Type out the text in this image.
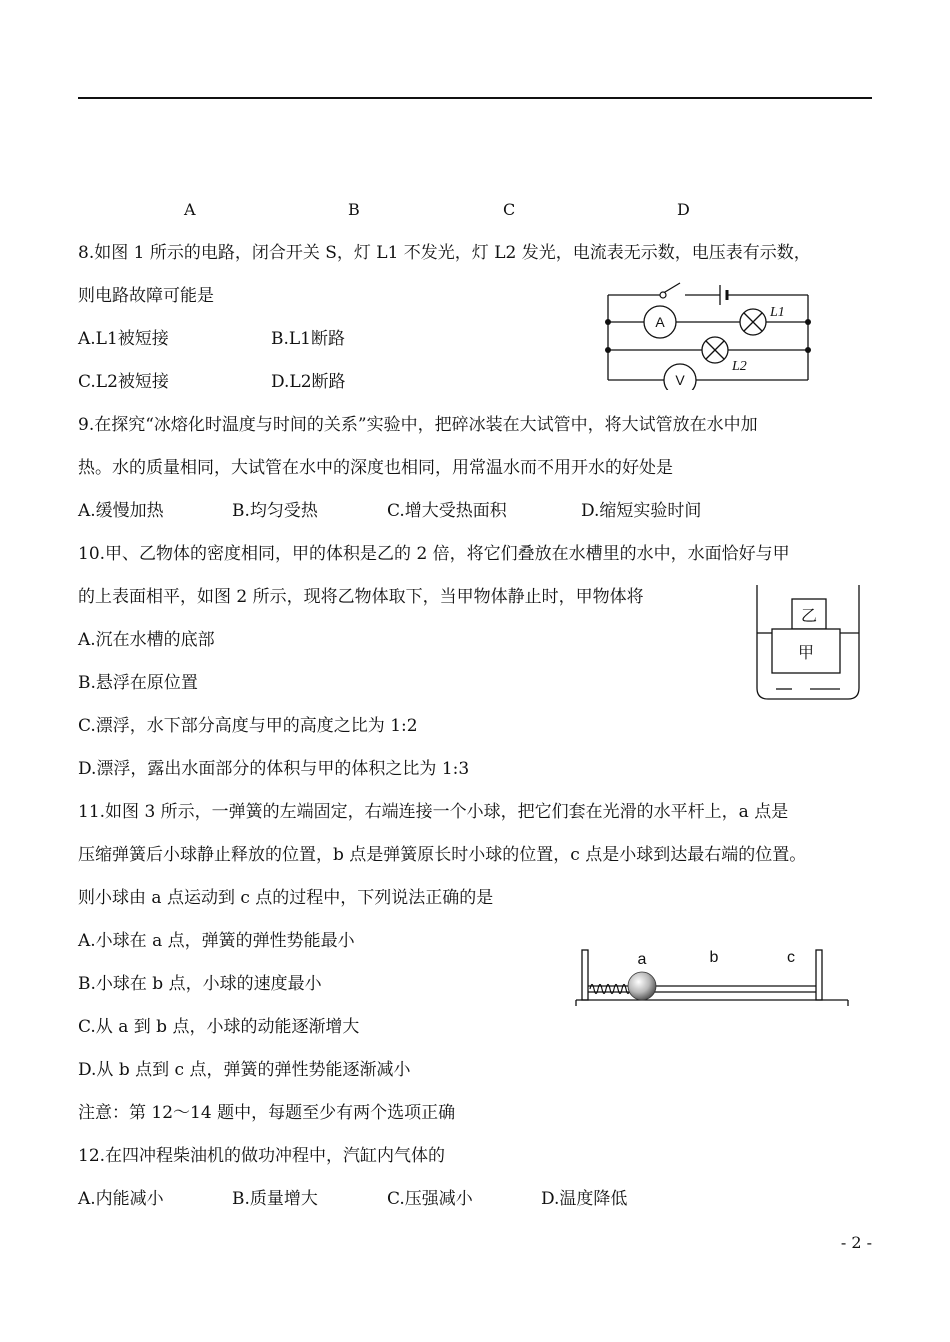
A	B	C	D
8.如图 1 所示的电路，闭合开关 S，灯 L1 不发光，灯 L2 发光，电流表无示数，电压表有示数，
则电路故障可能是
A.L1被短接	B.L1断路
C.L2被短接	D.L2断路
A
V
L1
L2
9.在探究“冰熔化时温度与时间的关系”实验中，把碎冰装在大试管中，将大试管放在水中加
热。水的质量相同，大试管在水中的深度也相同，用常温水而不用开水的好处是
A.缓慢加热	B.均匀受热	C.增大受热面积	D.缩短实验时间
10.甲、乙物体的密度相同，甲的体积是乙的 2 倍，将它们叠放在水槽里的水中，水面恰好与甲
的上表面相平，如图 2 所示，现将乙物体取下，当甲物体静止时，甲物体将
A.沉在水槽的底部
B.悬浮在原位置
C.漂浮，水下部分高度与甲的高度之比为 1:2
D.漂浮，露出水面部分的体积与甲的体积之比为 1:3
乙
甲
11.如图 3 所示，一弹簧的左端固定，右端连接一个小球，把它们套在光滑的水平杆上，a 点是
压缩弹簧后小球静止释放的位置，b 点是弹簧原长时小球的位置，c 点是小球到达最右端的位置。
则小球由 a 点运动到 c 点的过程中，下列说法正确的是
A.小球在 a 点，弹簧的弹性势能最小
B.小球在 b 点，小球的速度最小
C.从 a 到 b 点，小球的动能逐渐增大
D.从 b 点到 c 点，弹簧的弹性势能逐渐减小
a	b	c
注意：第 12～14 题中，每题至少有两个选项正确
12.在四冲程柴油机的做功冲程中，汽缸内气体的
A.内能减小	B.质量增大	C.压强减小	D.温度降低
- 2 -
